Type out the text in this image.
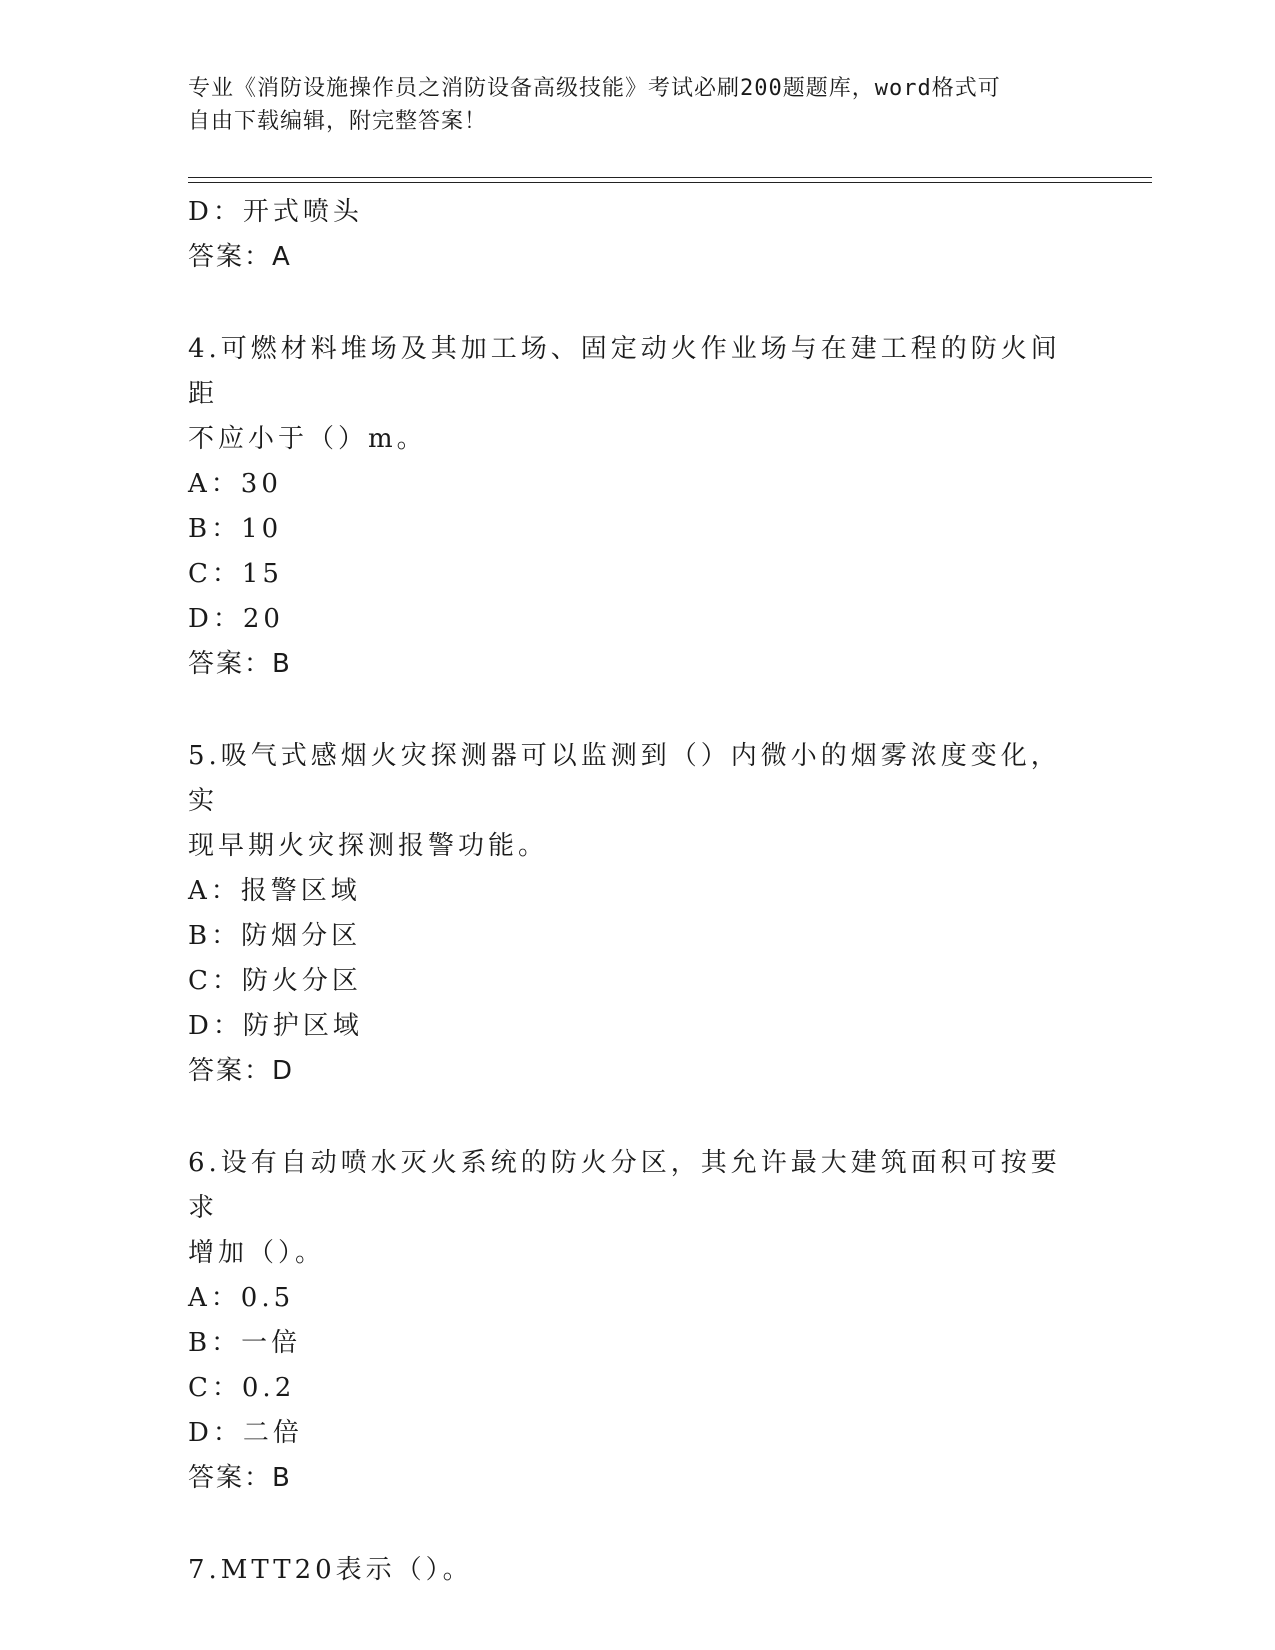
专业《消防设施操作员之消防设备高级技能》考试必刷200题题库，word格式可
自由下载编辑，附完整答案！
D：开式喷头
答案：A
4.可燃材料堆场及其加工场、固定动火作业场与在建工程的防火间距
不应小于（）m。
A：30
B：10
C：15
D：20
答案：B
5.吸气式感烟火灾探测器可以监测到（）内微小的烟雾浓度变化，实
现早期火灾探测报警功能。
A：报警区域
B：防烟分区
C：防火分区
D：防护区域
答案：D
6.设有自动喷水灭火系统的防火分区，其允许最大建筑面积可按要求
增加（）。
A：0.5
B：一倍
C：0.2
D：二倍
答案：B
7.MTT20表示（）。
